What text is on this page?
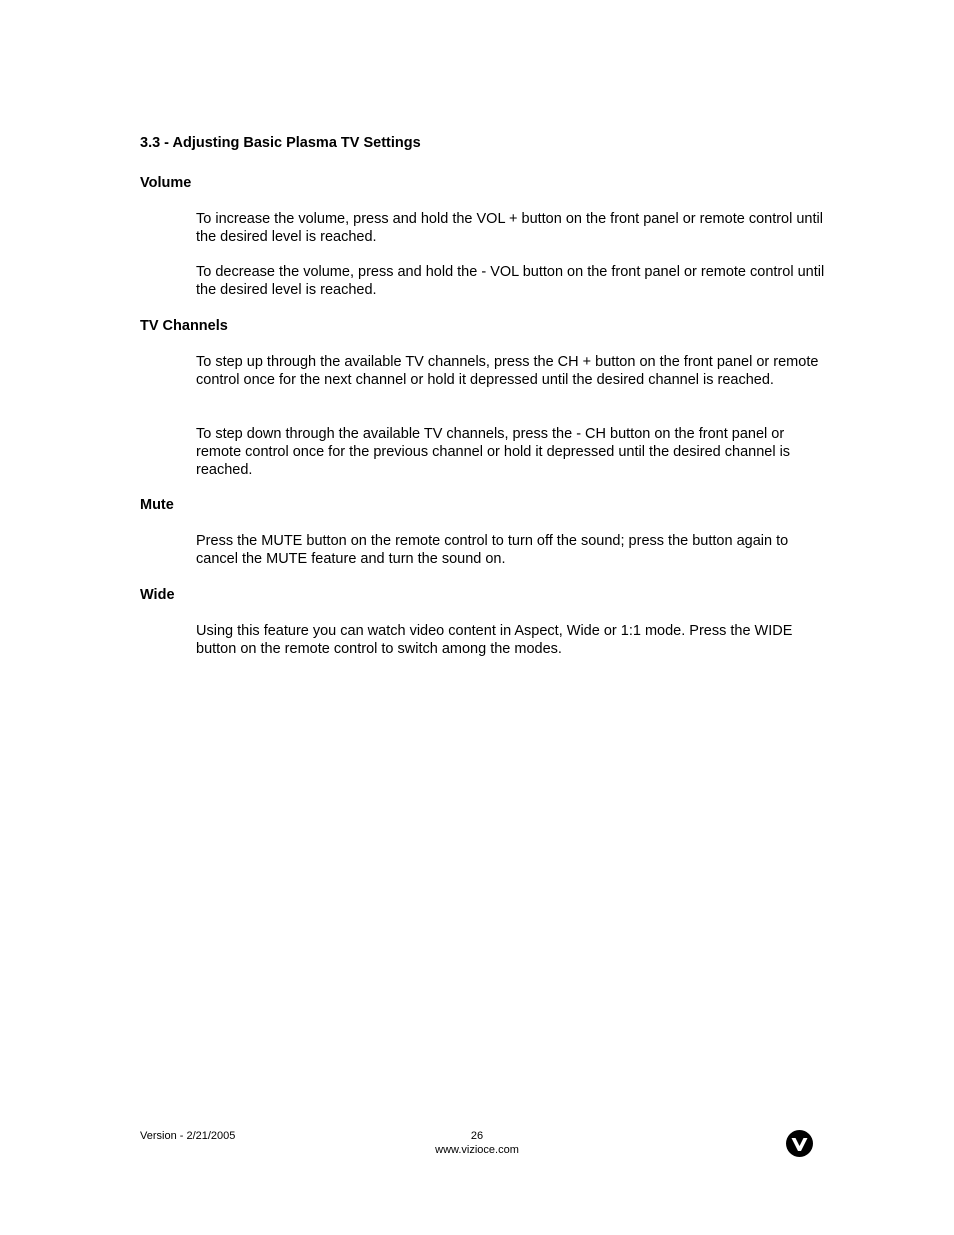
3.3 - Adjusting Basic Plasma TV Settings
Volume

To increase the volume, press and hold the VOL + button on the front panel or remote control until the desired level is reached.

To decrease the volume, press and hold the - VOL button on the front panel or remote control until the desired level is reached.

TV Channels

To step up through the available TV channels, press the CH + button on the front panel or remote control once for the next channel or hold it depressed until the desired channel is reached.

To step down through the available TV channels, press the - CH button on the front panel or remote control once for the previous channel or hold it depressed until the desired channel is reached.

Mute

Press the MUTE button on the remote control to turn off the sound; press the button again to cancel the MUTE feature and turn the sound on.

Wide

Using this feature you can watch video content in Aspect, Wide or 1:1 mode. Press the WIDE button on the remote control to switch among the modes.

Version - 2/21/2005	26
www.vizioce.com
